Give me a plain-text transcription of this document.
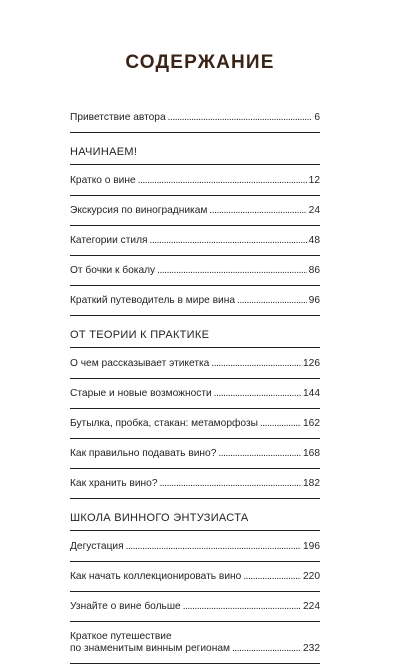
СОДЕРЖАНИЕ
Приветствие автора . . .	6
НАЧИНАЕМ!
Кратко о вине . . .	12
Экскурсия по виноградникам . . .	24
Категории стиля . . .	48
От бочки к бокалу . . .	86
Краткий путеводитель в мире вина . . .	96
ОТ ТЕОРИИ К ПРАКТИКЕ
О чем рассказывает этикетка . . .	126
Старые и новые возможности . . .	144
Бутылка, пробка, стакан: метаморфозы . . .	162
Как правильно подавать вино? . . .	168
Как хранить вино? . . .	182
ШКОЛА ВИННОГО ЭНТУЗИАСТА
Дегустация . . .	196
Как начать коллекционировать вино . . .	220
Узнайте о вине больше . . .	224
Краткое путешествие
по знаменитым винным регионам . . .	232
